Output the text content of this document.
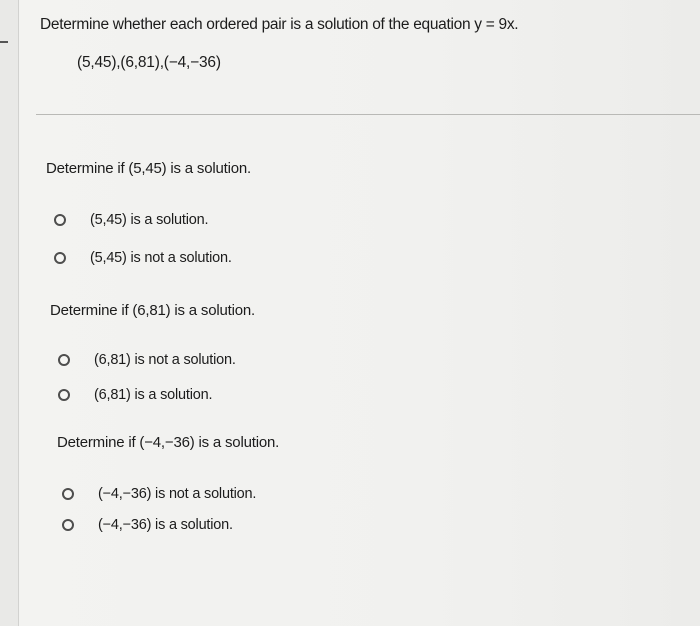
Determine whether each ordered pair is a solution of the equation y = 9x.
(5,45),(6,81),(−4,−36)
Determine if (5,45) is a solution.
(5,45) is a solution.
(5,45) is not a solution.
Determine if (6,81) is a solution.
(6,81) is not a solution.
(6,81) is a solution.
Determine if (−4,−36) is a solution.
(−4,−36) is not a solution.
(−4,−36) is a solution.
